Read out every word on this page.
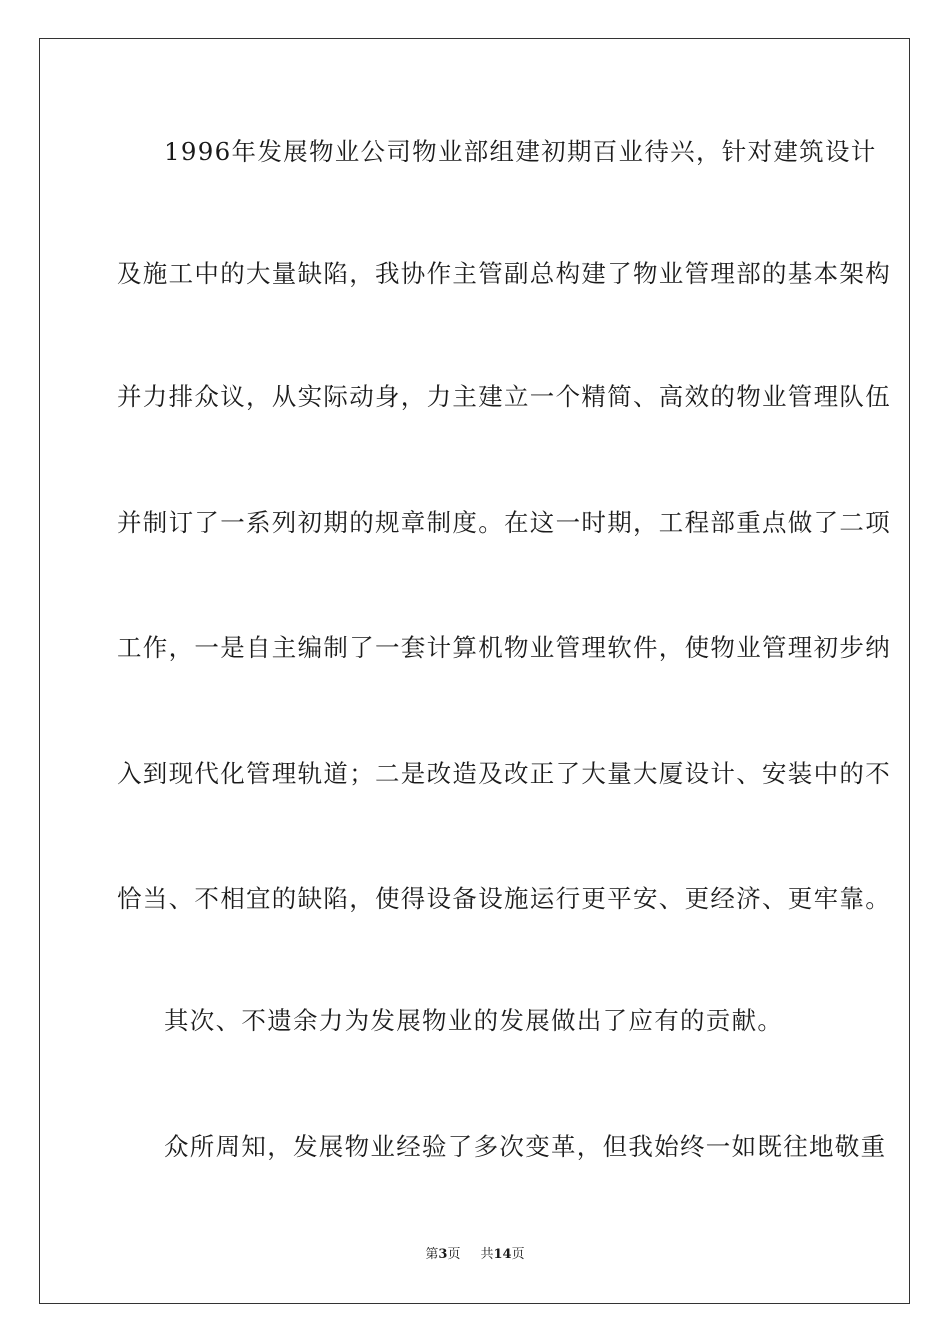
1996年发展物业公司物业部组建初期百业待兴，针对建筑设计
及施工中的大量缺陷，我协作主管副总构建了物业管理部的基本架构
并力排众议，从实际动身，力主建立一个精简、高效的物业管理队伍
并制订了一系列初期的规章制度。在这一时期，工程部重点做了二项
工作，一是自主编制了一套计算机物业管理软件，使物业管理初步纳
入到现代化管理轨道；二是改造及改正了大量大厦设计、安装中的不
恰当、不相宜的缺陷，使得设备设施运行更平安、更经济、更牢靠。
其次、不遗余力为发展物业的发展做出了应有的贡献。
众所周知，发展物业经验了多次变革，但我始终一如既往地敬重
第3页 共14页
